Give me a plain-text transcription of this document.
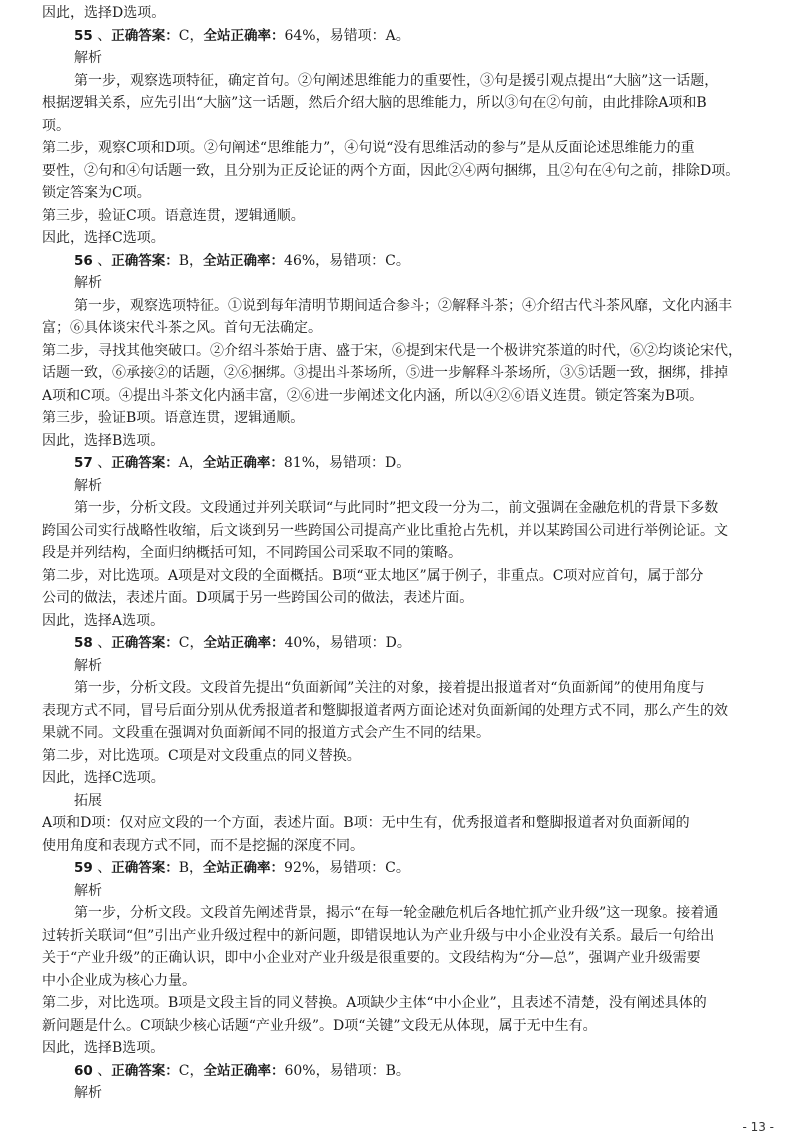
因此，选择D选项。
55 、正确答案：C，全站正确率：64%，易错项：A。
解析
第一步，观察选项特征，确定首句。②句阐述思维能力的重要性，③句是援引观点提出“大脑”这一话题，
根据逻辑关系，应先引出“大脑”这一话题，然后介绍大脑的思维能力，所以③句在②句前，由此排除A项和B
项。
第二步，观察C项和D项。②句阐述“思维能力”，④句说“没有思维活动的参与”是从反面论述思维能力的重
要性，②句和④句话题一致，且分别为正反论证的两个方面，因此②④两句捆绑，且②句在④句之前，排除D项。
锁定答案为C项。
第三步，验证C项。语意连贯，逻辑通顺。
因此，选择C选项。
56 、正确答案：B，全站正确率：46%，易错项：C。
解析
第一步，观察选项特征。①说到每年清明节期间适合参斗；②解释斗茶；④介绍古代斗茶风靡，文化内涵丰
富；⑥具体谈宋代斗茶之风。首句无法确定。
第二步，寻找其他突破口。②介绍斗茶始于唐、盛于宋，⑥提到宋代是一个极讲究茶道的时代，⑥②均谈论宋代，
话题一致，⑥承接②的话题，②⑥捆绑。③提出斗茶场所，⑤进一步解释斗茶场所，③⑤话题一致，捆绑，排掉
A项和C项。④提出斗茶文化内涵丰富，②⑥进一步阐述文化内涵，所以④②⑥语义连贯。锁定答案为B项。
第三步，验证B项。语意连贯，逻辑通顺。
因此，选择B选项。
57 、正确答案：A，全站正确率：81%，易错项：D。
解析
第一步，分析文段。文段通过并列关联词“与此同时”把文段一分为二，前文强调在金融危机的背景下多数
跨国公司实行战略性收缩，后文谈到另一些跨国公司提高产业比重抢占先机，并以某跨国公司进行举例论证。文
段是并列结构，全面归纳概括可知，不同跨国公司采取不同的策略。
第二步，对比选项。A项是对文段的全面概括。B项“亚太地区”属于例子，非重点。C项对应首句，属于部分
公司的做法，表述片面。D项属于另一些跨国公司的做法，表述片面。
因此，选择A选项。
58 、正确答案：C，全站正确率：40%，易错项：D。
解析
第一步，分析文段。文段首先提出“负面新闻”关注的对象，接着提出报道者对“负面新闻”的使用角度与
表现方式不同，冒号后面分别从优秀报道者和蹩脚报道者两方面论述对负面新闻的处理方式不同，那么产生的效
果就不同。文段重在强调对负面新闻不同的报道方式会产生不同的结果。
第二步，对比选项。C项是对文段重点的同义替换。
因此，选择C选项。
拓展
A项和D项：仅对应文段的一个方面，表述片面。B项：无中生有，优秀报道者和蹩脚报道者对负面新闻的
使用角度和表现方式不同，而不是挖掘的深度不同。
59 、正确答案：B，全站正确率：92%，易错项：C。
解析
第一步，分析文段。文段首先阐述背景，揭示“在每一轮金融危机后各地忙抓产业升级”这一现象。接着通
过转折关联词“但”引出产业升级过程中的新问题，即错误地认为产业升级与中小企业没有关系。最后一句给出
关于“产业升级”的正确认识，即中小企业对产业升级是很重要的。文段结构为“分—总”，强调产业升级需要
中小企业成为核心力量。
第二步，对比选项。B项是文段主旨的同义替换。A项缺少主体“中小企业”，且表述不清楚，没有阐述具体的
新问题是什么。C项缺少核心话题“产业升级”。D项“关键”文段无从体现，属于无中生有。
因此，选择B选项。
60 、正确答案：C，全站正确率：60%，易错项：B。
解析
- 13 -
